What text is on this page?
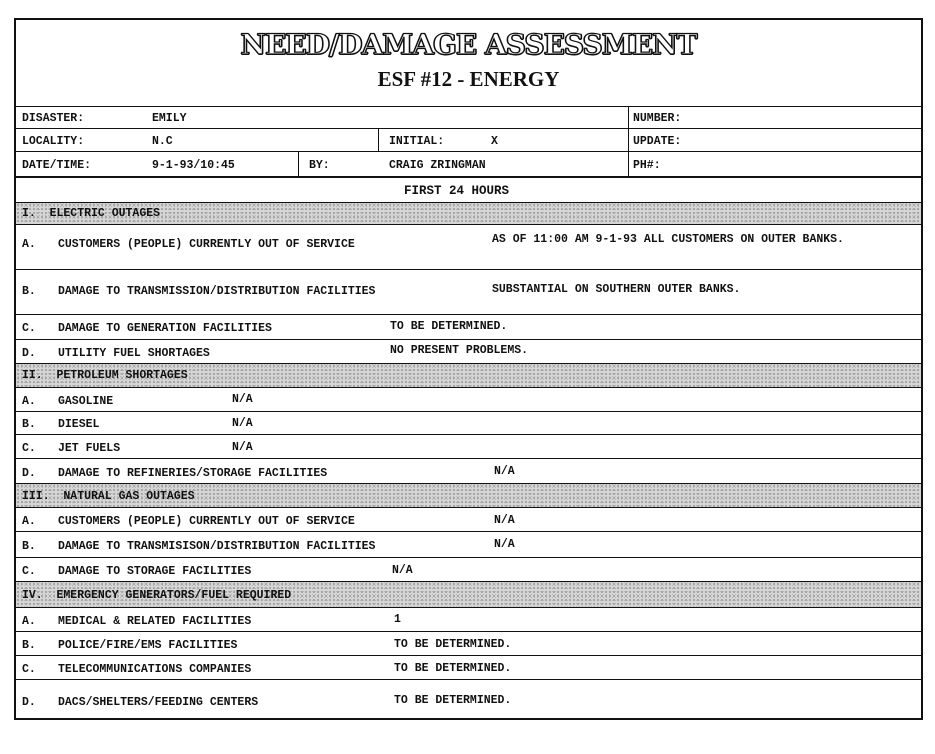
NEED/DAMAGE ASSESSMENT
ESF #12 - ENERGY
DISASTER:	EMILY	NUMBER:
LOCALITY:	N.C	INITIAL:	X	UPDATE:
DATE/TIME:	9-1-93/10:45	BY:	CRAIG ZRINGMAN	PH#:
FIRST 24 HOURS
I.  ELECTRIC OUTAGES
A. CUSTOMERS (PEOPLE) CURRENTLY OUT OF SERVICE	AS OF 11:00 AM 9-1-93 ALL CUSTOMERS ON OUTER BANKS.
B. DAMAGE TO TRANSMISSION/DISTRIBUTION FACILITIES	SUBSTANTIAL ON SOUTHERN OUTER BANKS.
C. DAMAGE TO GENERATION FACILITIES	TO BE DETERMINED.
D. UTILITY FUEL SHORTAGES	NO PRESENT PROBLEMS.
II.  PETROLEUM SHORTAGES
A. GASOLINE	N/A
B. DIESEL	N/A
C. JET FUELS	N/A
D. DAMAGE TO REFINERIES/STORAGE FACILITIES	N/A
III.  NATURAL GAS OUTAGES
A. CUSTOMERS (PEOPLE) CURRENTLY OUT OF SERVICE	N/A
B. DAMAGE TO TRANSMISISON/DISTRIBUTION FACILITIES	N/A
C. DAMAGE TO STORAGE FACILITIES	N/A
IV.  EMERGENCY GENERATORS/FUEL REQUIRED
A. MEDICAL & RELATED FACILITIES	1
B. POLICE/FIRE/EMS FACILITIES	TO BE DETERMINED.
C. TELECOMMUNICATIONS COMPANIES	TO BE DETERMINED.
D. DACS/SHELTERS/FEEDING CENTERS	TO BE DETERMINED.
